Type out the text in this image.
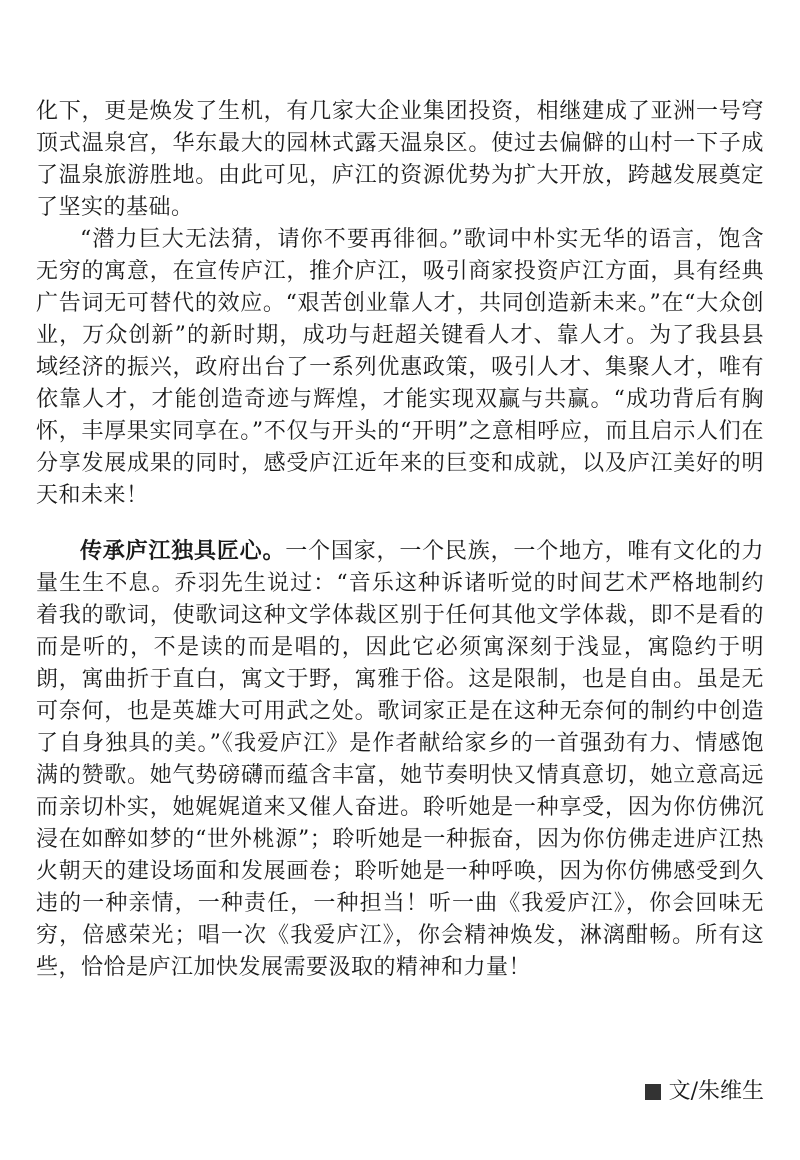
化下，更是焕发了生机，有几家大企业集团投资，相继建成了亚洲一号穹顶式温泉宫，华东最大的园林式露天温泉区。使过去偏僻的山村一下子成了温泉旅游胜地。由此可见，庐江的资源优势为扩大开放，跨越发展奠定了坚实的基础。

“潜力巨大无法猜，请你不要再徘徊。”歌词中朴实无华的语言，饱含无穷的寓意，在宣传庐江，推介庐江，吸引商家投资庐江方面，具有经典广告词无可替代的效应。“艰苦创业靠人才，共同创造新未来。”在“大众创业，万众创新”的新时期，成功与赶超关键看人才、靠人才。为了我县县域经济的振兴，政府出台了一系列优惠政策，吸引人才、集聚人才，唯有依靠人才，才能创造奇迹与辉煌，才能实现双赢与共赢。“成功背后有胸怀，丰厚果实同享在。”不仅与开头的“开明”之意相呼应，而且启示人们在分享发展成果的同时，感受庐江近年来的巨变和成就，以及庐江美好的明天和未来！

传承庐江独具匠心。一个国家，一个民族，一个地方，唯有文化的力量生生不息。乔羽先生说过：“音乐这种诉诸听觉的时间艺术严格地制约着我的歌词，使歌词这种文学体裁区别于任何其他文学体裁，即不是看的而是听的，不是读的而是唱的，因此它必须寓深刻于浅显，寓隐约于明朗，寓曲折于直白，寓文于野，寓雅于俗。这是限制，也是自由。虽是无可奈何，也是英雄大可用武之处。歌词家正是在这种无奈何的制约中创造了自身独具的美。”《我爱庐江》是作者献给家乡的一首强劲有力、情感饱满的赞歌。她气势磅礴而蕴含丰富，她节奏明快又情真意切，她立意高远而亲切朴实，她娓娓道来又催人奋进。聆听她是一种享受，因为你仿佛沉浸在如醉如梦的“世外桃源”；聆听她是一种振奋，因为你仿佛走进庐江热火朝天的建设场面和发展画卷；聆听她是一种呼唤，因为你仿佛感受到久违的一种亲情，一种责任，一种担当！听一曲《我爱庐江》，你会回味无穷，倍感荣光；唱一次《我爱庐江》，你会精神焕发，淋漓酣畅。所有这些，恰恰是庐江加快发展需要汲取的精神和力量！

文/朱维生
